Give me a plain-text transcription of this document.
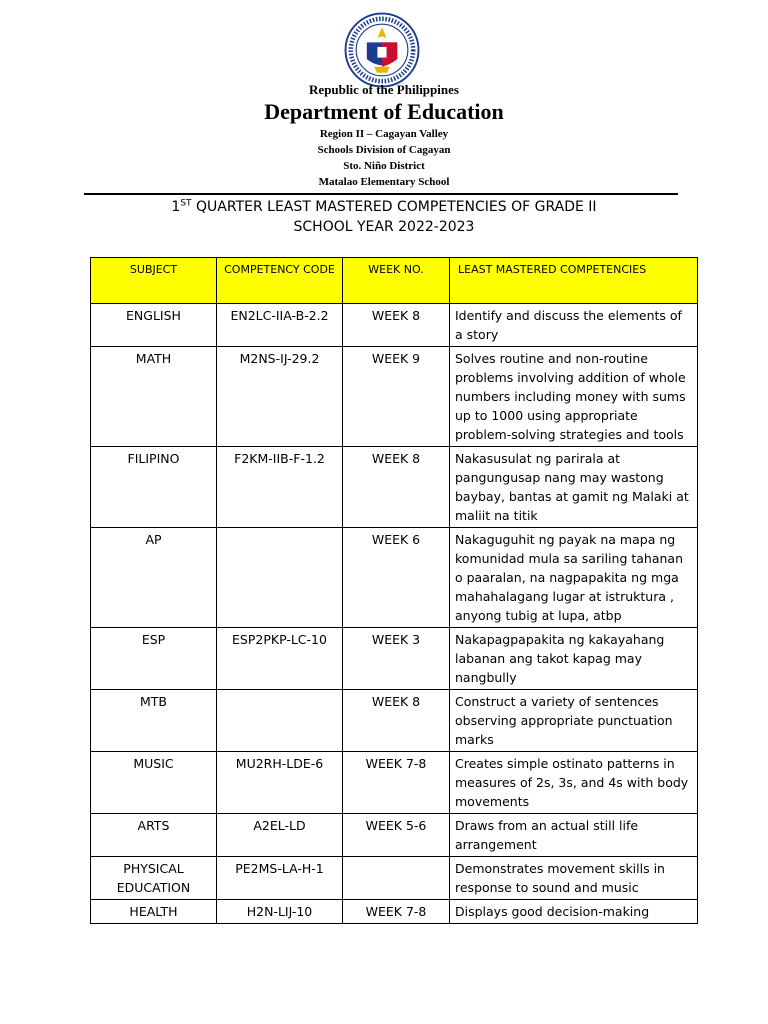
Republic of the Philippines
Department of Education
Region II – Cagayan Valley
Schools Division of Cagayan
Sto. Niño District
Matalao Elementary School
1ST QUARTER LEAST MASTERED COMPETENCIES OF GRADE II
SCHOOL YEAR 2022-2023
SUBJECT	COMPETENCY CODE	WEEK NO.	LEAST MASTERED COMPETENCIES
ENGLISH	EN2LC-IIA-B-2.2	WEEK 8	Identify and discuss the elements of a story
MATH	M2NS-IJ-29.2	WEEK 9	Solves routine and non-routine problems involving addition of whole numbers including money with sums up to 1000 using appropriate problem-solving strategies and tools
FILIPINO	F2KM-IIB-F-1.2	WEEK 8	Nakasusulat ng parirala at pangungusap nang may wastong baybay, bantas at gamit ng Malaki at maliit na titik
AP		WEEK 6	Nakaguguhit ng payak na mapa ng komunidad mula sa sariling tahanan o paaralan, na nagpapakita ng mga mahahalagang lugar at istruktura , anyong tubig at lupa, atbp
ESP	ESP2PKP-LC-10	WEEK 3	Nakapagpapakita ng kakayahang labanan ang takot kapag may nangbully
MTB		WEEK 8	Construct a variety of sentences observing appropriate punctuation marks
MUSIC	MU2RH-LDE-6	WEEK 7-8	Creates simple ostinato patterns in measures of 2s, 3s, and 4s with body movements
ARTS	A2EL-LD	WEEK 5-6	Draws from an actual still life arrangement
PHYSICAL EDUCATION	PE2MS-LA-H-1		Demonstrates movement skills in response to sound and music
HEALTH	H2N-LIJ-10	WEEK 7-8	Displays good decision-making
